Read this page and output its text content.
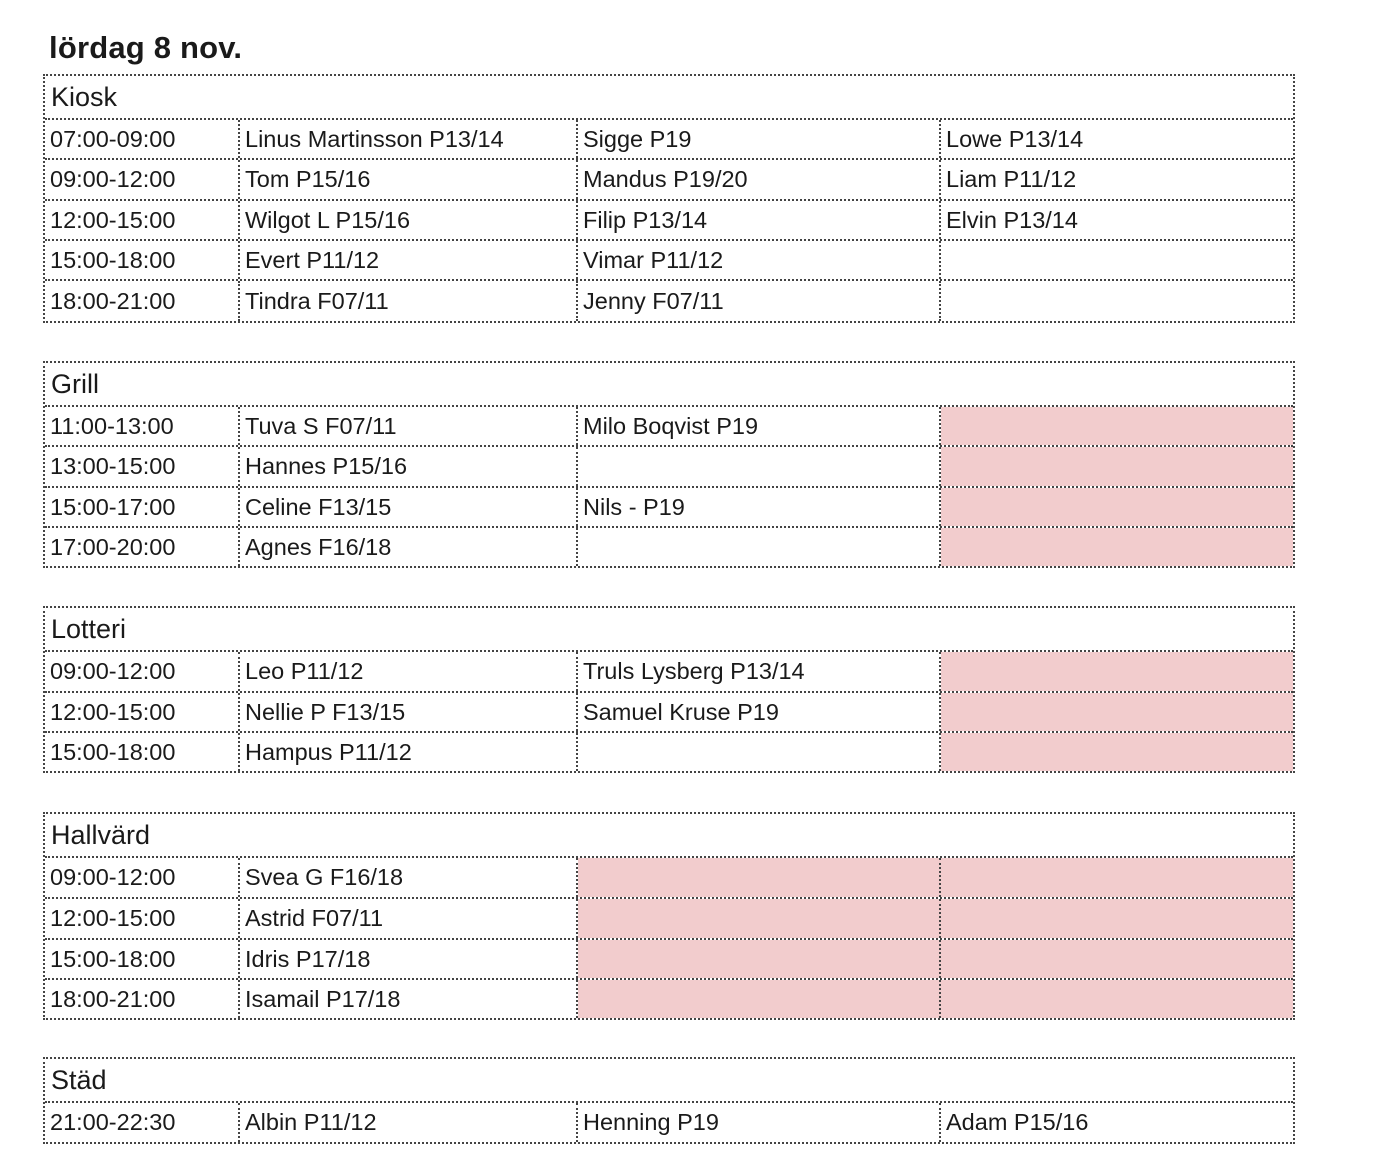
lördag 8 nov.
Kiosk
07:00-09:00	Linus Martinsson P13/14	Sigge P19	Lowe P13/14
09:00-12:00	Tom P15/16	Mandus P19/20	Liam P11/12
12:00-15:00	Wilgot L P15/16	Filip P13/14	Elvin P13/14
15:00-18:00	Evert P11/12	Vimar P11/12
18:00-21:00	Tindra F07/11	Jenny F07/11
Grill
11:00-13:00	Tuva S F07/11	Milo Boqvist P19
13:00-15:00	Hannes P15/16
15:00-17:00	Celine F13/15	Nils - P19
17:00-20:00	Agnes F16/18
Lotteri
09:00-12:00	Leo P11/12	Truls Lysberg P13/14
12:00-15:00	Nellie P F13/15	Samuel Kruse P19
15:00-18:00	Hampus P11/12
Hallvärd
09:00-12:00	Svea G F16/18
12:00-15:00	Astrid F07/11
15:00-18:00	Idris P17/18
18:00-21:00	Isamail P17/18
Städ
21:00-22:30	Albin P11/12	Henning P19	Adam P15/16
